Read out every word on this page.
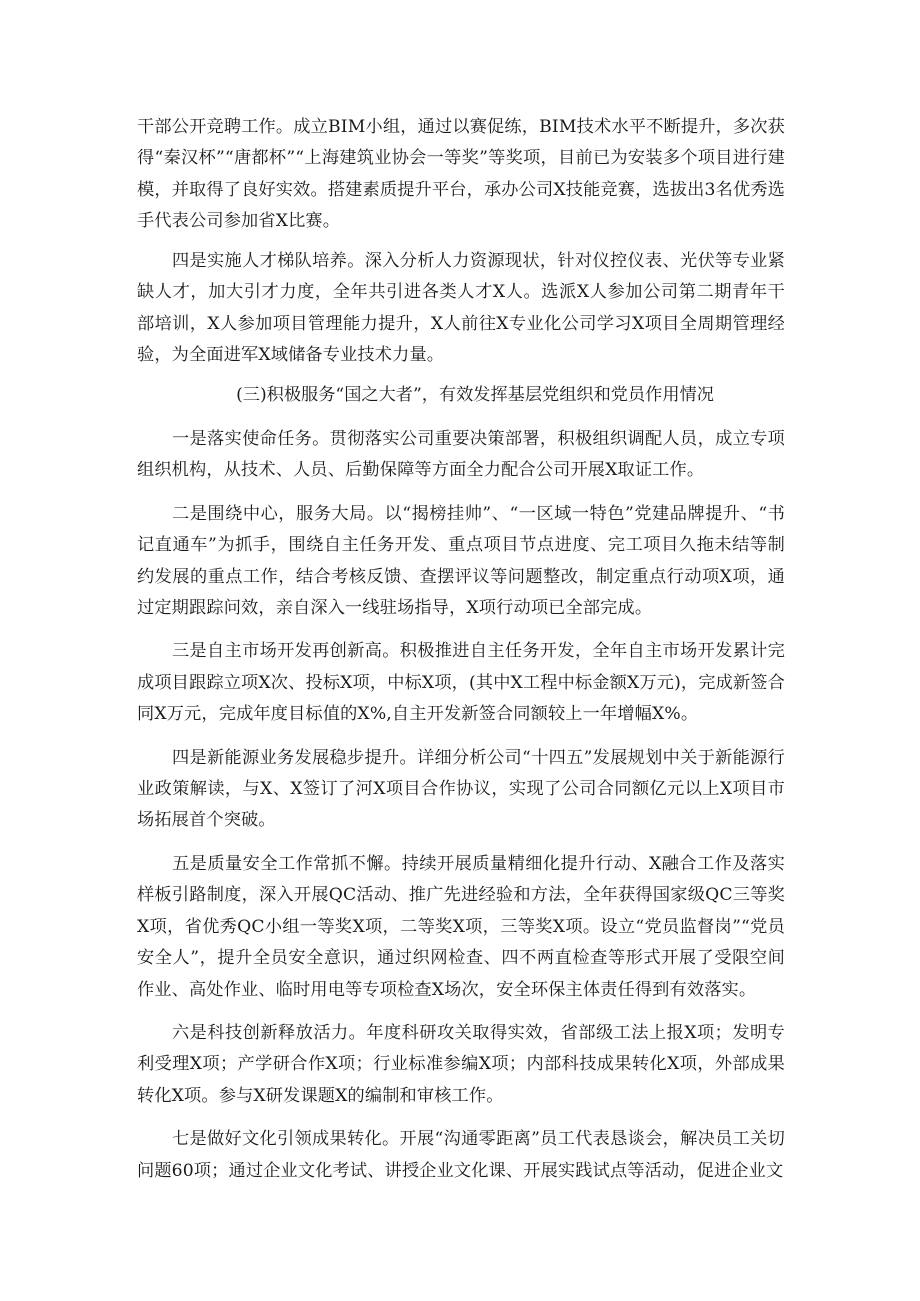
干部公开竞聘工作。成立BIM小组，通过以赛促练，BIM技术水平不断提升，多次获得“秦汉杯”“唐都杯”“上海建筑业协会一等奖”等奖项，目前已为安装多个项目进行建模，并取得了良好实效。搭建素质提升平台，承办公司X技能竞赛，选拔出3名优秀选手代表公司参加省X比赛。

四是实施人才梯队培养。深入分析人力资源现状，针对仪控仪表、光伏等专业紧缺人才，加大引才力度，全年共引进各类人才X人。选派X人参加公司第二期青年干部培训，X人参加项目管理能力提升，X人前往X专业化公司学习X项目全周期管理经验，为全面进军X域储备专业技术力量。

(三)积极服务“国之大者”，有效发挥基层党组织和党员作用情况

一是落实使命任务。贯彻落实公司重要决策部署，积极组织调配人员，成立专项组织机构，从技术、人员、后勤保障等方面全力配合公司开展X取证工作。

二是围绕中心，服务大局。以“揭榜挂帅”、“一区域一特色”党建品牌提升、“书记直通车”为抓手，围绕自主任务开发、重点项目节点进度、完工项目久拖未结等制约发展的重点工作，结合考核反馈、查摆评议等问题整改，制定重点行动项X项，通过定期跟踪问效，亲自深入一线驻场指导，X项行动项已全部完成。

三是自主市场开发再创新高。积极推进自主任务开发，全年自主市场开发累计完成项目跟踪立项X次、投标X项，中标X项，(其中X工程中标金额X万元)，完成新签合同X万元，完成年度目标值的X%,自主开发新签合同额较上一年增幅X%。

四是新能源业务发展稳步提升。详细分析公司“十四五”发展规划中关于新能源行业政策解读，与X、X签订了河X项目合作协议，实现了公司合同额亿元以上X项目市场拓展首个突破。

五是质量安全工作常抓不懈。持续开展质量精细化提升行动、X融合工作及落实样板引路制度，深入开展QC活动、推广先进经验和方法，全年获得国家级QC三等奖X项，省优秀QC小组一等奖X项，二等奖X项，三等奖X项。设立“党员监督岗”“党员安全人”，提升全员安全意识，通过织网检查、四不两直检查等形式开展了受限空间作业、高处作业、临时用电等专项检查X场次，安全环保主体责任得到有效落实。

六是科技创新释放活力。年度科研攻关取得实效，省部级工法上报X项；发明专利受理X项；产学研合作X项；行业标准参编X项；内部科技成果转化X项，外部成果转化X项。参与X研发课题X的编制和审核工作。

七是做好文化引领成果转化。开展“沟通零距离”员工代表恳谈会，解决员工关切问题60项；通过企业文化考试、讲授企业文化课、开展实践试点等活动，促进企业文
